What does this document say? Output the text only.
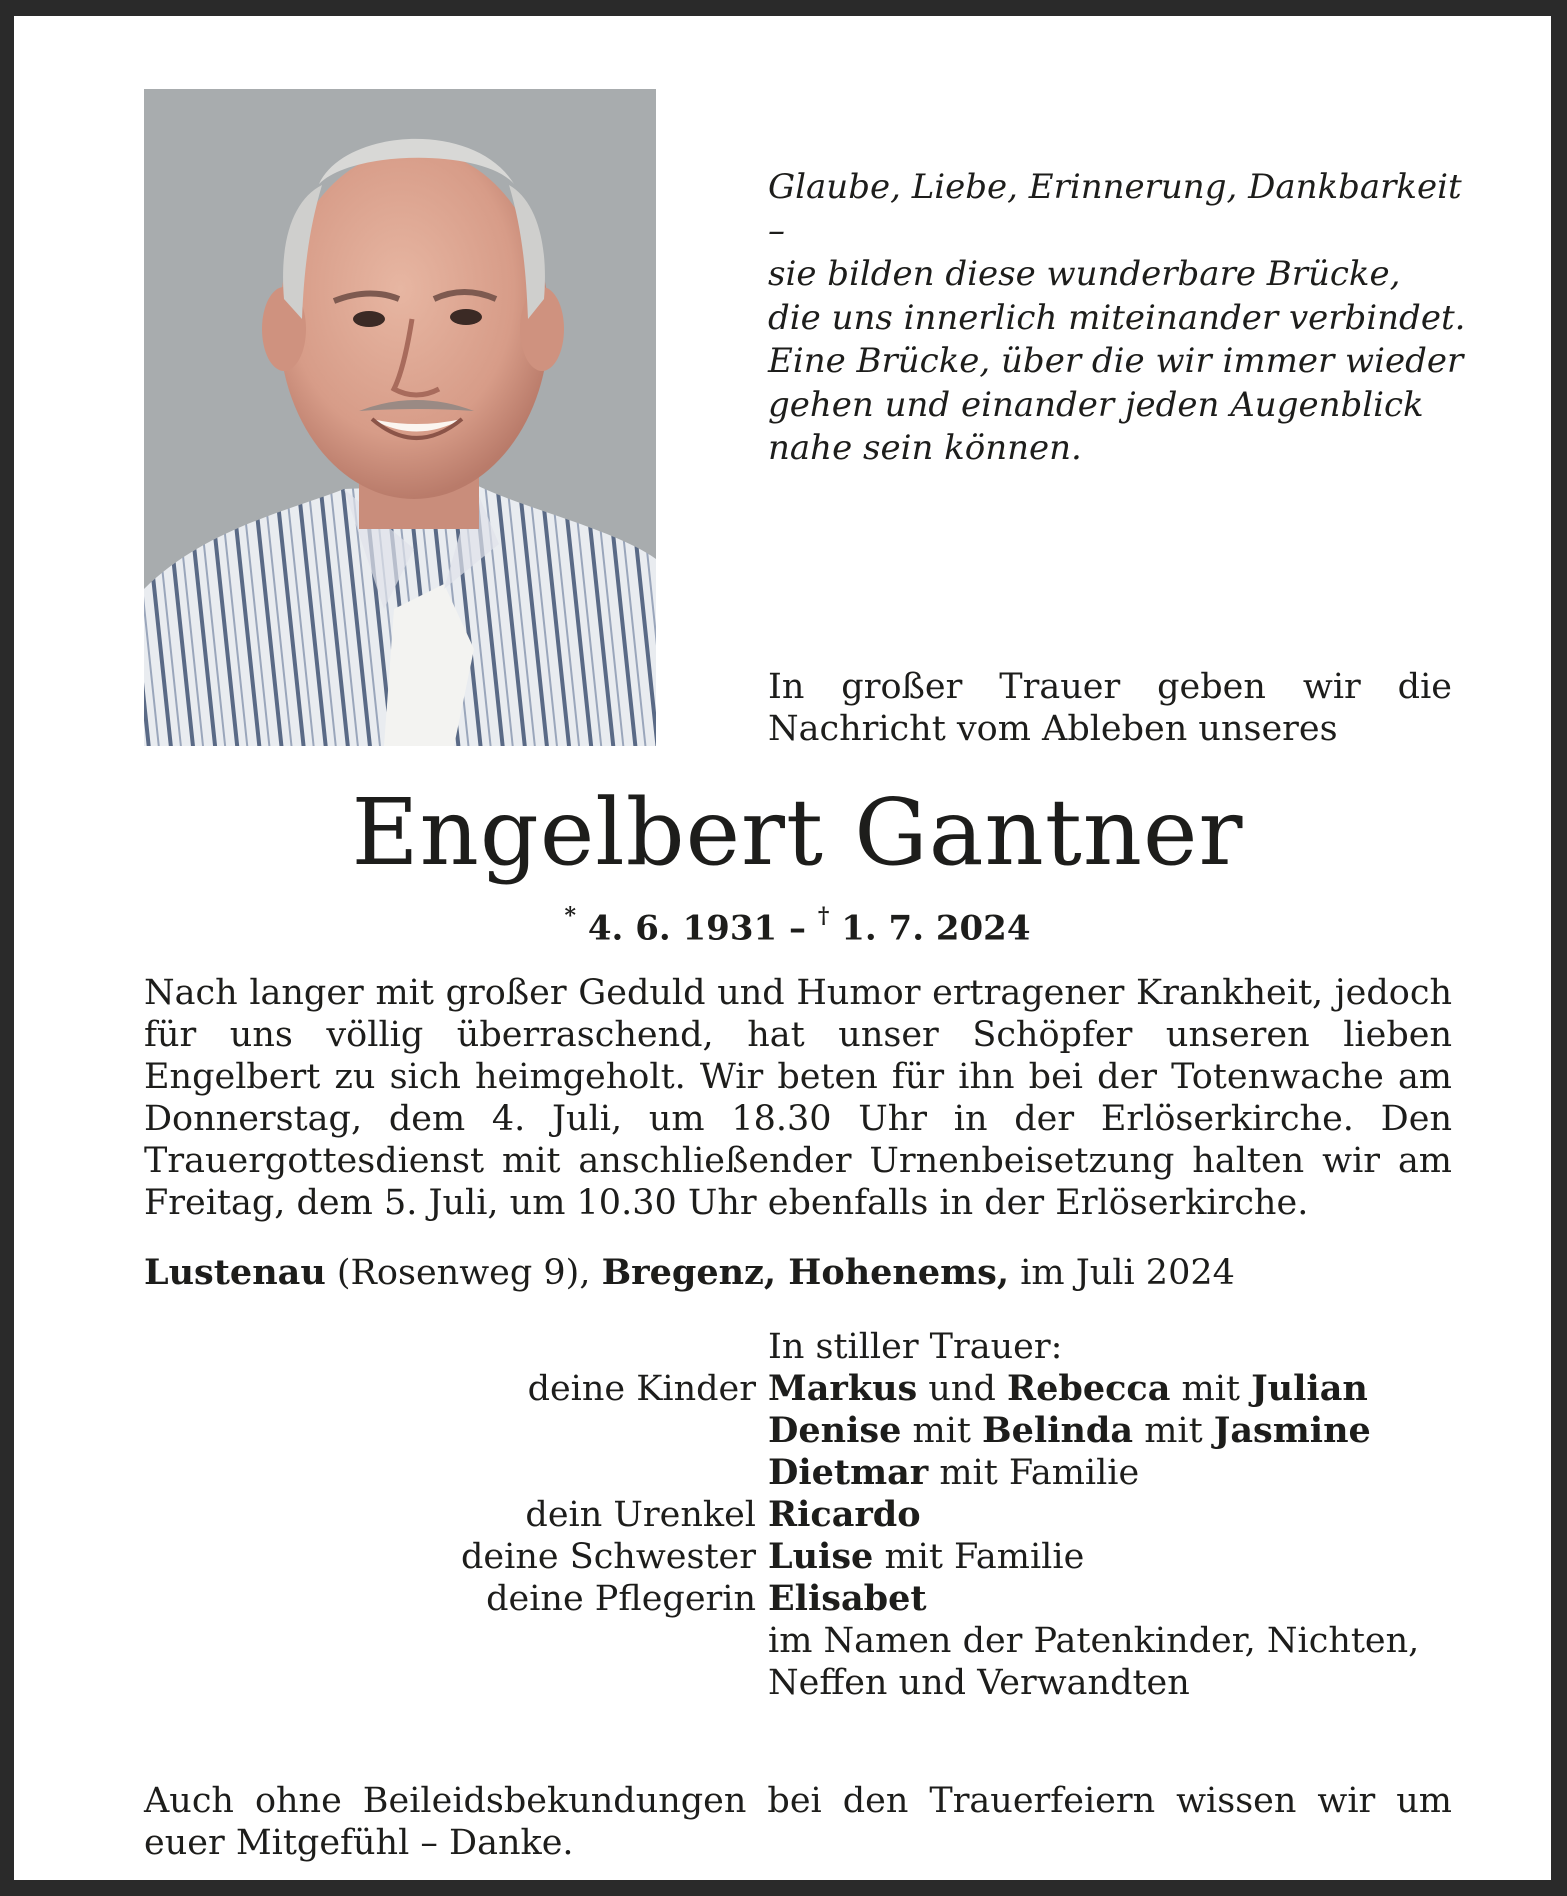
Glaube, Liebe, Erinnerung, Dankbarkeit –
sie bilden diese wunderbare Brücke,
die uns innerlich miteinander verbindet.
Eine Brücke, über die wir immer wieder
gehen und einander jeden Augenblick
nahe sein können.
In großer Trauer geben wir die Nachricht vom Ableben unseres
Engelbert Gantner
* 4. 6. 1931 – † 1. 7. 2024
Nach langer mit großer Geduld und Humor ertragener Krankheit, jedoch für uns völlig überraschend, hat unser Schöpfer unseren lieben Engelbert zu sich heimgeholt. Wir beten für ihn bei der Totenwache am Donnerstag, dem 4. Juli, um 18.30 Uhr in der Erlöserkirche. Den Trauergottesdienst mit anschließender Urnenbeisetzung halten wir am Freitag, dem 5. Juli, um 10.30 Uhr ebenfalls in der Erlöserkirche.
Lustenau (Rosenweg 9), Bregenz, Hohenems, im Juli 2024
In stiller Trauer:
deine Kinder Markus und Rebecca mit Julian
Denise mit Belinda mit Jasmine
Dietmar mit Familie
dein Urenkel Ricardo
deine Schwester Luise mit Familie
deine Pflegerin Elisabet
im Namen der Patenkinder, Nichten,
Neffen und Verwandten
Auch ohne Beileidsbekundungen bei den Trauerfeiern wissen wir um euer Mitgefühl – Danke.
